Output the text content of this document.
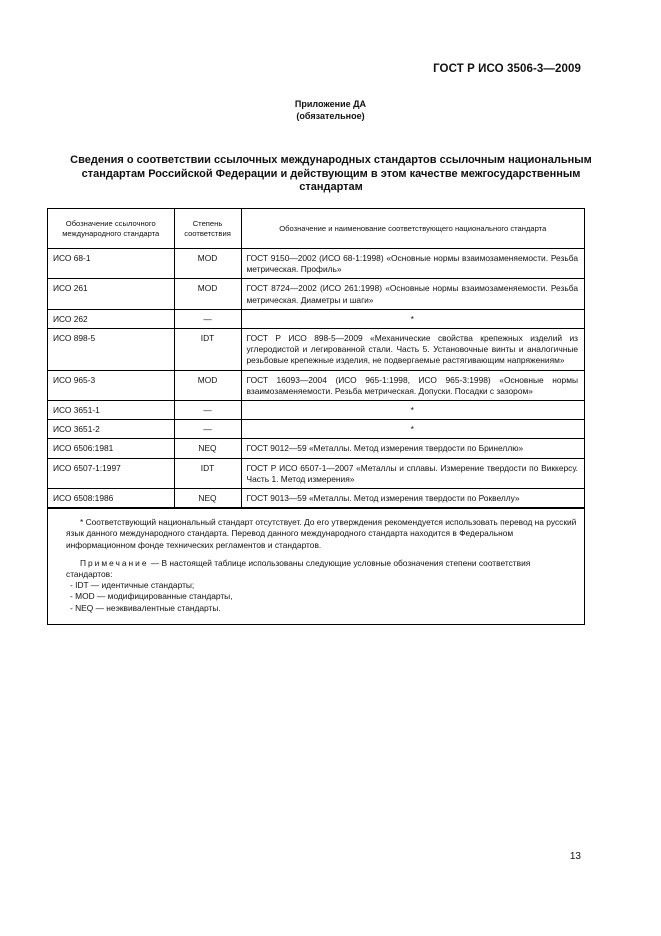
ГОСТ Р ИСО 3506-3—2009
Приложение ДА
(обязательное)
Сведения о соответствии ссылочных международных стандартов ссылочным национальным
стандартам Российской Федерации и действующим в этом качестве межгосударственным
стандартам
Обозначение ссылочного международного стандарта	Степень соответствия	Обозначение и наименование соответствующего национального стандарта
ИСО 68-1	MOD	ГОСТ 9150—2002 (ИСО 68-1:1998) «Основные нормы взаимозаменяемости. Резьба метрическая. Профиль»
ИСО 261	MOD	ГОСТ 8724—2002 (ИСО 261:1998) «Основные нормы взаимозаменяемости. Резьба метрическая. Диаметры и шаги»
ИСО 262	—	*
ИСО 898-5	IDT	ГОСТ Р ИСО 898-5—2009 «Механические свойства крепежных изделий из углеродистой и легированной стали. Часть 5. Установочные винты и аналогичные резьбовые крепежные изделия, не подвергаемые растягивающим напряжениям»
ИСО 965-3	MOD	ГОСТ 16093—2004 (ИСО 965-1:1998, ИСО 965-3:1998) «Основные нормы взаимозаменяемости. Резьба метрическая. Допуски. Посадки с зазором»
ИСО 3651-1	—	*
ИСО 3651-2	—	*
ИСО 6506:1981	NEQ	ГОСТ 9012—59 «Металлы. Метод измерения твердости по Бринеллю»
ИСО 6507-1:1997	IDT	ГОСТ Р ИСО 6507-1—2007 «Металлы и сплавы. Измерение твердости по Виккерсу. Часть 1. Метод измерения»
ИСО 6508:1986	NEQ	ГОСТ 9013—59 «Металлы. Метод измерения твердости по Роквеллу»

* Соответствующий национальный стандарт отсутствует. До его утверждения рекомендуется использовать перевод на русский язык данного международного стандарта. Перевод данного международного стандарта находится в Федеральном информационном фонде технических регламентов и стандартов.

Примечание — В настоящей таблице использованы следующие условные обозначения степени соответствия стандартов:

- IDT — идентичные стандарты;
- MOD — модифицированные стандарты,
- NEQ — неэквивалентные стандарты.
13
